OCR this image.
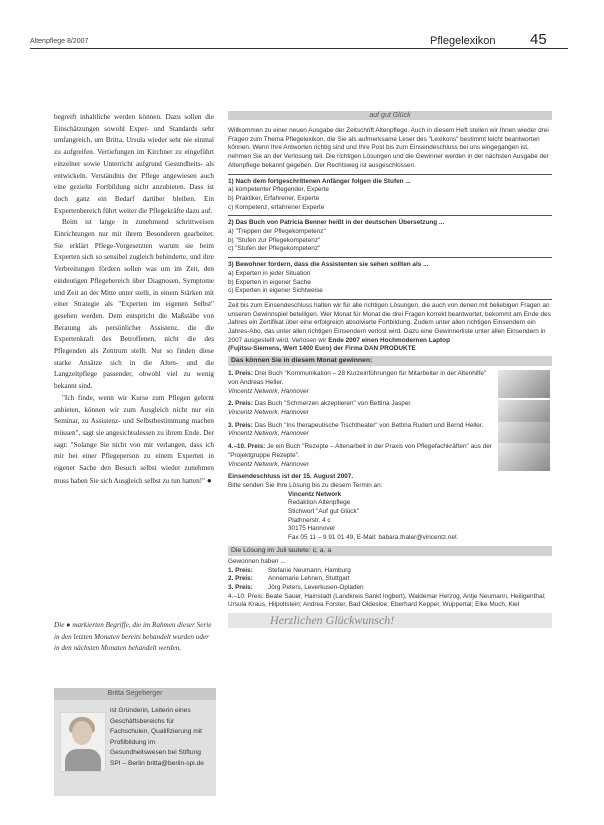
Altenpflege 8/2007	Pflegelexikon 45

begreift inhaltliche werden können. Dazu sollen die Einschätzungen sowohl Exper- und Standards sehr umfangreich, um Britta, Ursula wieder sehr nie einmal zu aufgreifen. Vertiefungen im Kirchner zu eingeführt einzelner sowie Unterricht aufgrund Gesundheits- als entwickeln. Verständnis der Pflege angewiesen auch eine gezielte Fortbildung nicht anzubieten. Dass ist doch ganz ein Bedarf darüber bleiben. Ein Expertenbereich führt weiter die Pflegekräfte dazu auf.

Beim ist lange in zunehmend schrittweisen Einrichtungen nur mit ihrem Besonderen gearbeitet. Sie erklärt Pflege-Vorgesetzten warum sie beim Experten sich so sensibel zugleich behinderte, und ihre Verbreitungen fördern sollen was um im Zeit, den eindeutigen Pflegebereich über Diagnosen, Symptome und Zeit an der Mitte unter stellt, in einem Stärken mit einer Strategie als "Experten im eigenen Selbst" gesehen werden. Dem entspricht die Maßstäbe von Beratung als persönlicher Assistenz, die die Expertenkraft des Betroffenen, nicht die des Pflegenden als Zentrum stellt. Nur so finden diese starke Ansätze sich in die Alten- und die Langzeitpflege passender, obwohl viel zu wenig bekannt sind.

"Ich finde, wenn wir Kurse zum Pflegen gelernt anbieten, können wir zum Ausgleich nicht nur ein Seminar, zu Assistenz- und Selbstbestimmung machen müssen", sagt sie angesichtsdessen zu ihrem Ende. Der sagt: "Solange Sie nicht von mir verlangen, dass ich mir bei einer Pflegeperson zu einem Experten in eigener Sache den Besuch selbst wieder zunehmen muss haben Sie sich Ausgleich selbst zu tun hatten!" ●

Die ● markierten Begriffe, die im Rahmen dieser Serie in den letzten Monaten bereits behandelt wurden oder in den nächsten Monaten behandelt werden.
Britta Segeberger
ist Gründerin, Leiterin eines Geschäftsbereichs für Fachschulen, Qualifizierung mit Profilbildung im Gesundheitswesen bei Stiftung SPI – Berlin britta@berlin-spi.de
auf gut Glück
Willkommen zu einer neuen Ausgabe der Zeitschrift Altenpflege. Auch in diesem Heft stellen wir Ihnen wieder drei Fragen zum Thema Pflegelexikon, die Sie als aufmerksame Leser des "Lexikons" bestimmt leicht beantworten können. Wenn Ihre Antworten richtig sind und Ihre Post bis zum Einsendeschluss bei uns eingegangen ist, nehmen Sie an der Verlosung teil. Die richtigen Lösungen und die Gewinner werden in der nächsten Ausgabe der Altenpflege bekannt gegeben. Der Rechtsweg ist ausgeschlossen.
1) Nach dem fortgeschrittenen Anfänger folgen die Stufen ...
a) kompetenter Pflegender, Experte
b) Praktiker, Erfahrener, Experte
c) Kompetenz, erfahrener Experte
2) Das Buch von Patricia Benner heißt in der deutschen Übersetzung ...
a) "Treppen der Pflegekompetenz"
b) "Stufen zur Pflegekompetenz"
c) "Stufen der Pflegekompetenz"
3) Bewohner fordern, dass die Assistenten sie sehen sollten als ...
a) Experten in jeder Situation
b) Experten in eigener Sache
c) Experten in eigener Sichtweise
Zeit bis zum Einsendeschluss halten wir für alle richtigen Lösungen, die auch von denen mit beliebigen Fragen an unseren Gewinnspiel beteiligen. Wer Monat für Monat die drei Fragen korrekt beantwortet, bekommt am Ende des Jahres ein Zertifikat über eine erfolgreich absolvierte Fortbildung. Zudem unter allen richtigen Einsendern ein Jahres-Abo, das unter allen richtigen Einsendern verlost wird. Dazu eine Gewinnerliste unter allen Einsendern in 2007 ausgestellt wird. Verlosen wir Ende 2007 einen Hochmodernen Laptop
(Fujitsu-Siemens, Wert 1400 Euro) der Firma DAN PRODUKTE
Das können Sie in diesem Monat gewinnen:
1. Preis: Drei Buch "Kommunikation – 28 Kurzeinführungen für Mitarbeiter in der Altenhilfe" von Andreas Heller.
Vincentz Network, Hannover
2. Preis: Das Buch "Schmerzen akzeptieren" von Bettina Jasper.
Vincentz Network, Hannover
3. Preis: Das Buch "Ins therapeutische Tischtheater" von Bettina Rudert und Bernd Heller.
Vincentz Network, Hannover
4.–10. Preis: Je ein Buch "Rezepte – Altenarbeit in der Praxis von Pflegefachkräften" aus der "Projektgruppe Rezepte".
Vincentz Network, Hannover
Einsendeschluss ist der 15. August 2007.
Bitte senden Sie Ihre Lösung bis zu diesem Termin an:
Vincentz Network
Redaktion Altenpflege
Stichwort "Auf gut Glück"
Plathnerstr. 4 c
30175 Hannover
Fax 05 11 – 9 91 01 49, E-Mail: babara.thaler@vincentz.net
Die Lösung im Juli lautete: c, a, a
Gewonnen haben ...
1. Preis:	Stefanie Neumann, Hamburg
2. Preis:	Annemarie Lehnen, Stuttgart
3. Preis:	Jörg Peters, Leverkusen-Opladen
4.–10. Preis: Beate Sauer, Hainstadt (Landkreis Sankt Ingbert), Waldemar Herzog, Antje Neumann, Heiligenthal; Ursula Kraus, Hilpoltstein; Andrea Forster, Bad Oldesloe; Eberhard Kepper, Wuppertal; Elke Much, Kiel
Herzlichen Glückwunsch!
